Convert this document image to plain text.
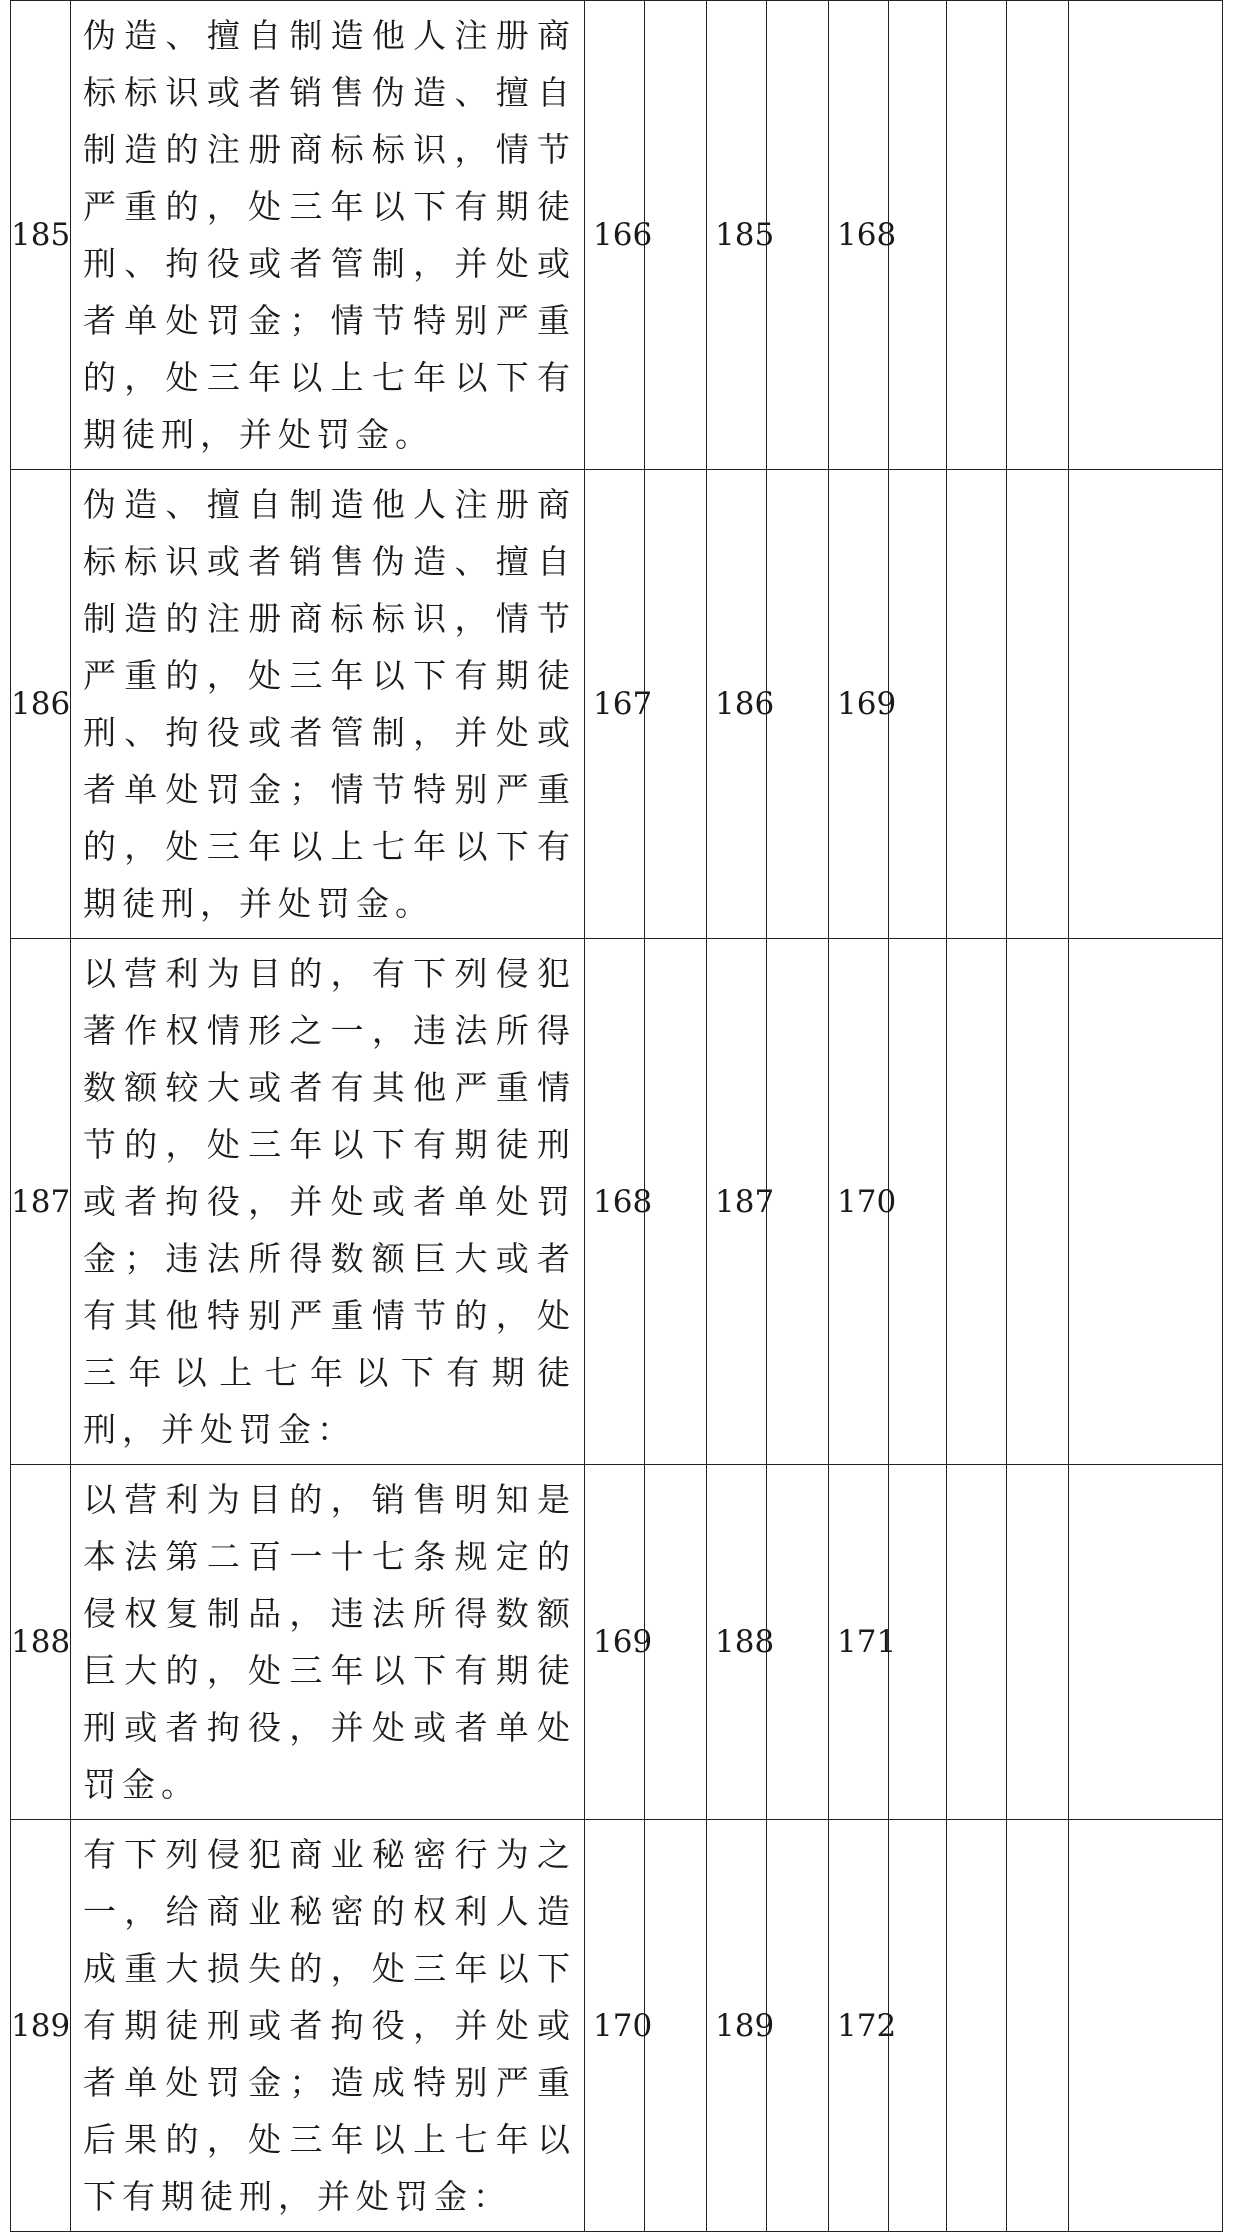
185	伪造、擅自制造他人注册商标标识或者销售伪造、擅自制造的注册商标标识，情节严重的，处三年以下有期徒刑、拘役或者管制，并处或者单处罚金；情节特别严重的，处三年以上七年以下有期徒刑，并处罚金。	166		185		168				
186	伪造、擅自制造他人注册商标标识或者销售伪造、擅自制造的注册商标标识，情节严重的，处三年以下有期徒刑、拘役或者管制，并处或者单处罚金；情节特别严重的，处三年以上七年以下有期徒刑，并处罚金。	167		186		169				
187	以营利为目的，有下列侵犯著作权情形之一，违法所得数额较大或者有其他严重情节的，处三年以下有期徒刑或者拘役，并处或者单处罚金；违法所得数额巨大或者有其他特别严重情节的，处三年以上七年以下有期徒刑，并处罚金：	168		187		170				
188	以营利为目的，销售明知是本法第二百一十七条规定的侵权复制品，违法所得数额巨大的，处三年以下有期徒刑或者拘役，并处或者单处罚金。	169		188		171				
189	有下列侵犯商业秘密行为之一，给商业秘密的权利人造成重大损失的，处三年以下有期徒刑或者拘役，并处或者单处罚金；造成特别严重后果的，处三年以上七年以下有期徒刑，并处罚金：	170		189		172				
